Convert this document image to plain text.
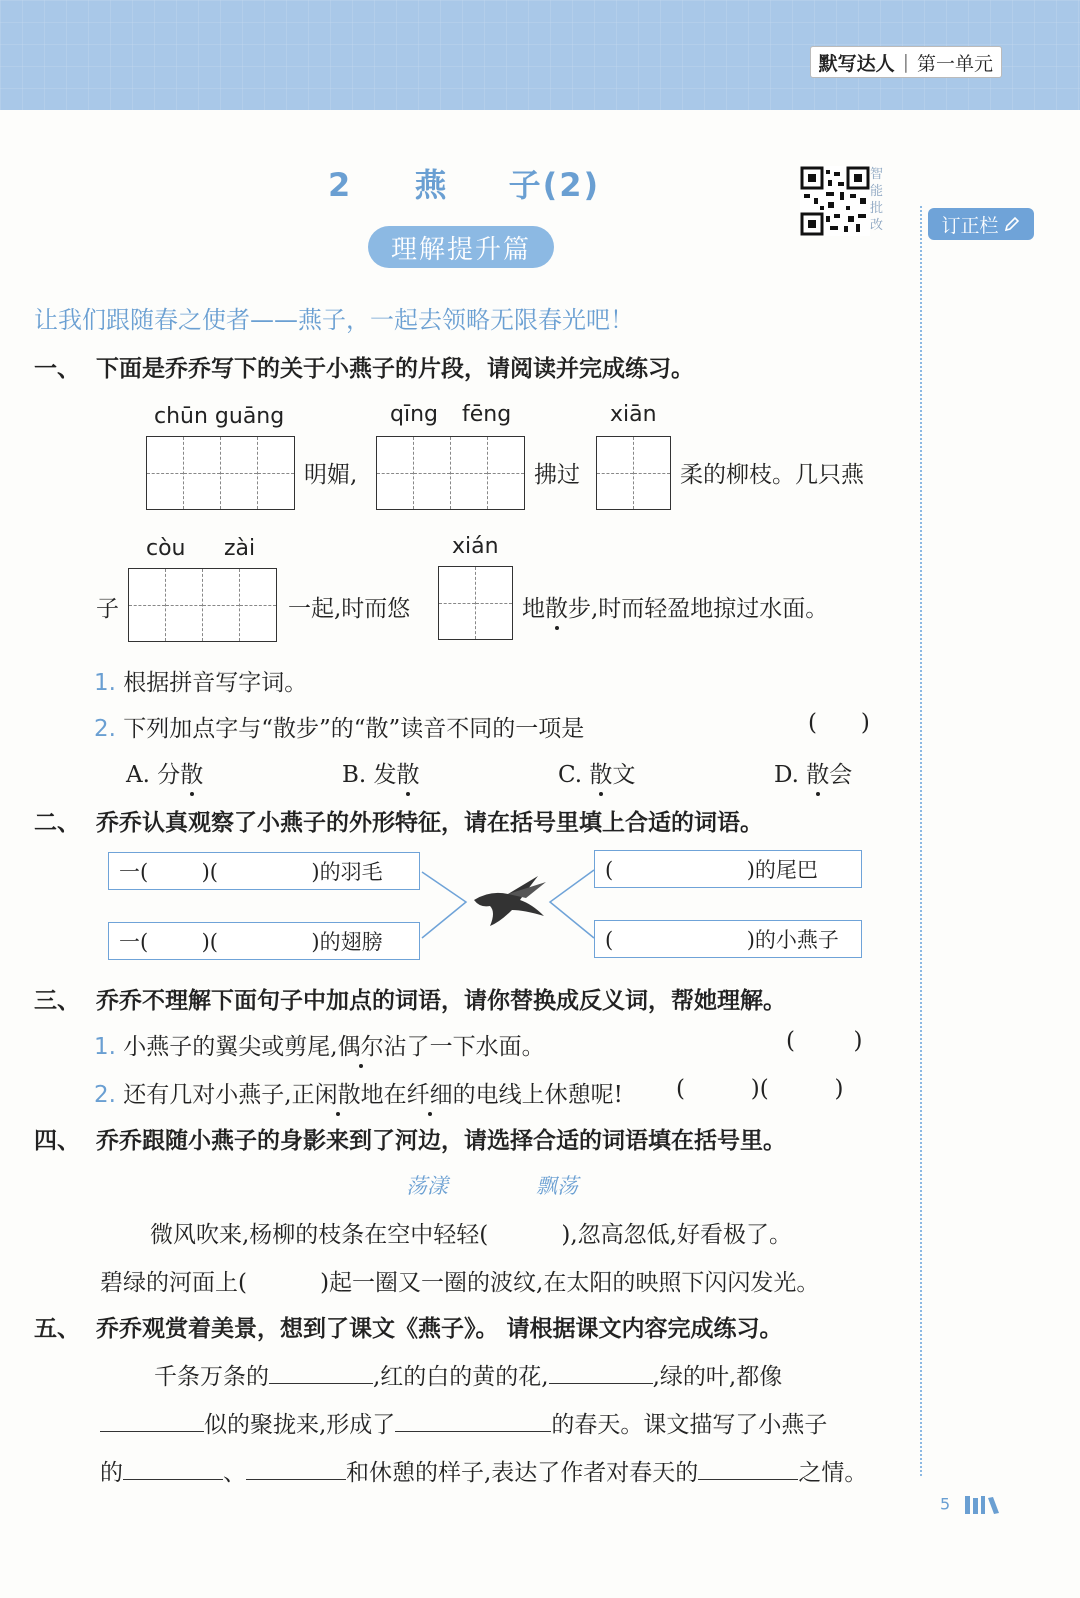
默写达人 | 第一单元
2 燕 子(2)
理解提升篇
智
能
批
改	订正栏
让我们跟随春之使者——燕子，一起去领略无限春光吧！
一、 下面是乔乔写下的关于小燕子的片段，请阅读并完成练习。
chūn guāng	qīng fēng	xiān
明媚,	拂过	柔的柳枝。几只燕
còu zài	xián
子	一起,时而悠	地散步,时而轻盈地掠过水面。
1. 根据拼音写字词。
2. 下列加点字与“散步”的“散”读音不同的一项是	(      )
A. 分散	B. 发散	C. 散文	D. 散会
二、 乔乔认真观察了小燕子的外形特征，请在括号里填上合适的词语。
一(        )(              )的羽毛
一(        )(              )的翅膀
(                    )的尾巴
(                    )的小燕子
三、 乔乔不理解下面句子中加点的词语，请你替换成反义词，帮她理解。
1. 小燕子的翼尖或剪尾,偶尔沾了一下水面。	(        )
2. 还有几对小燕子,正闲散地在纤细的电线上休憩呢! (         )(         )
四、 乔乔跟随小燕子的身影来到了河边，请选择合适的词语填在括号里。
荡漾	飘荡
微风吹来,杨柳的枝条在空中轻轻(          ),忽高忽低,好看极了。
碧绿的河面上(          )起一圈又一圈的波纹,在太阳的映照下闪闪发光。
五、 乔乔观赏着美景，想到了课文《燕子》。 请根据课文内容完成练习。
千条万条的	,红的白的黄的花,	,绿的叶,都像
似的聚拢来,形成了	的春天。课文描写了小燕子
的	、	和休憩的样子,表达了作者对春天的	之情。
5
